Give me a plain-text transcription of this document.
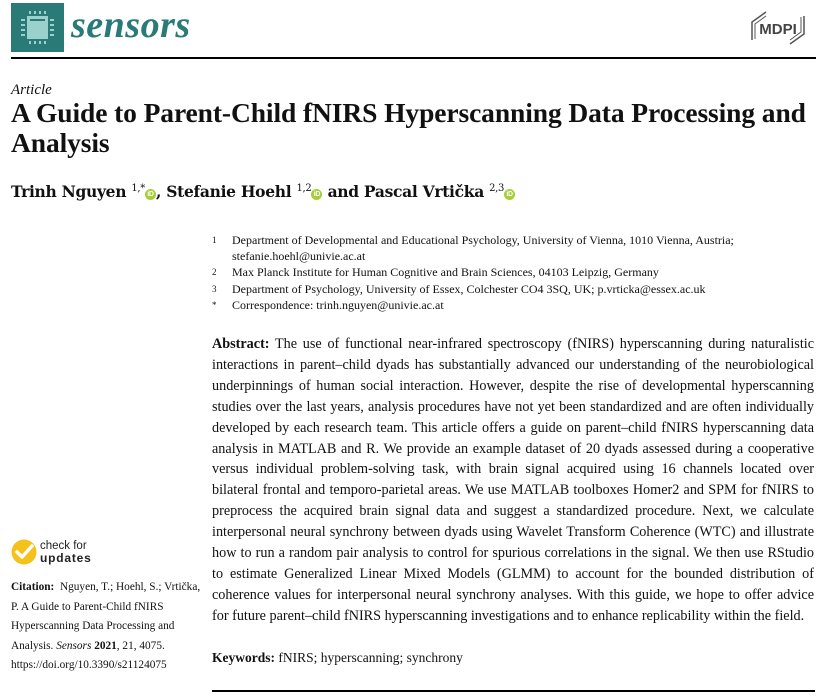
sensors	MDPI
Article
A Guide to Parent-Child fNIRS Hyperscanning Data Processing and Analysis
Trinh Nguyen $^{1,*}$iD , Stefanie Hoehl $^{1,2}$iD and Pascal Vrtička $^{2,3}$iD
1	Department of Developmental and Educational Psychology, University of Vienna, 1010 Vienna, Austria; stefanie.hoehl@univie.ac.at
2	Max Planck Institute for Human Cognitive and Brain Sciences, 04103 Leipzig, Germany
3	Department of Psychology, University of Essex, Colchester CO4 3SQ, UK; p.vrticka@essex.ac.uk
*	Correspondence: trinh.nguyen@univie.ac.at
Abstract: The use of functional near-infrared spectroscopy (fNIRS) hyperscanning during naturalistic interactions in parent–child dyads has substantially advanced our understanding of the neurobiological underpinnings of human social interaction. However, despite the rise of developmental hyperscanning studies over the last years, analysis procedures have not yet been standardized and are often individually developed by each research team. This article offers a guide on parent–child fNIRS hyperscanning data analysis in MATLAB and R. We provide an example dataset of 20 dyads assessed during a cooperative versus individual problem-solving task, with brain signal acquired using 16 channels located over bilateral frontal and temporo-parietal areas. We use MATLAB toolboxes Homer2 and SPM for fNIRS to preprocess the acquired brain signal data and suggest a standardized procedure. Next, we calculate interpersonal neural synchrony between dyads using Wavelet Transform Coherence (WTC) and illustrate how to run a random pair analysis to control for spurious correlations in the signal. We then use RStudio to estimate Generalized Linear Mixed Models (GLMM) to account for the bounded distribution of coherence values for interpersonal neural synchrony analyses. With this guide, we hope to offer advice for future parent–child fNIRS hyperscanning investigations and to enhance replicability within the field.
Keywords: fNIRS; hyperscanning; synchrony
check for
updates
Citation: Nguyen, T.; Hoehl, S.; Vrtička, P. A Guide to Parent-Child fNIRS Hyperscanning Data Processing and Analysis. Sensors 2021, 21, 4075. https://doi.org/10.3390/s21124075
